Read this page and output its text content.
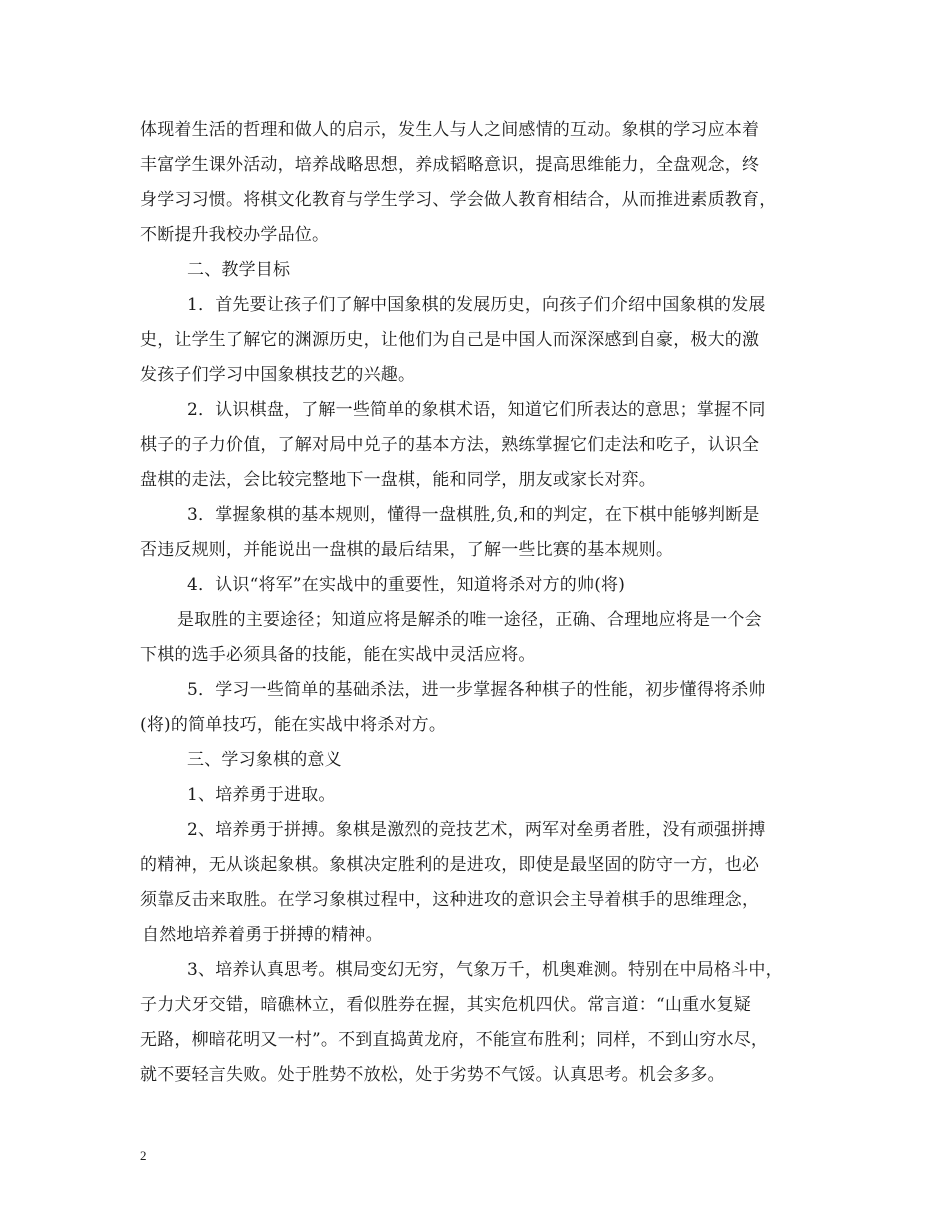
体现着生活的哲理和做人的启示，发生人与人之间感情的互动。象棋的学习应本着
丰富学生课外活动，培养战略思想，养成韬略意识，提高思维能力，全盘观念，终
身学习习惯。将棋文化教育与学生学习、学会做人教育相结合，从而推进素质教育，
不断提升我校办学品位。
二、教学目标
1．首先要让孩子们了解中国象棋的发展历史，向孩子们介绍中国象棋的发展
史，让学生了解它的渊源历史，让他们为自己是中国人而深深感到自豪，极大的激
发孩子们学习中国象棋技艺的兴趣。
2．认识棋盘，了解一些简单的象棋术语，知道它们所表达的意思；掌握不同
棋子的子力价值，了解对局中兑子的基本方法，熟练掌握它们走法和吃子，认识全
盘棋的走法，会比较完整地下一盘棋，能和同学，朋友或家长对弈。
3．掌握象棋的基本规则，懂得一盘棋胜,负,和的判定，在下棋中能够判断是
否违反规则，并能说出一盘棋的最后结果，了解一些比赛的基本规则。
4．认识“将军”在实战中的重要性，知道将杀对方的帅(将)
是取胜的主要途径；知道应将是解杀的唯一途径，正确、合理地应将是一个会
下棋的选手必须具备的技能，能在实战中灵活应将。
5．学习一些简单的基础杀法，进一步掌握各种棋子的性能，初步懂得将杀帅
(将)的简单技巧，能在实战中将杀对方。
三、学习象棋的意义
1、培养勇于进取。
2、培养勇于拼搏。象棋是激烈的竞技艺术，两军对垒勇者胜，没有顽强拼搏
的精神，无从谈起象棋。象棋决定胜利的是进攻，即使是最坚固的防守一方，也必
须靠反击来取胜。在学习象棋过程中，这种进攻的意识会主导着棋手的思维理念，
自然地培养着勇于拼搏的精神。
3、培养认真思考。棋局变幻无穷，气象万千，机奥难测。特别在中局格斗中，
子力犬牙交错，暗礁林立，看似胜券在握，其实危机四伏。常言道：“山重水复疑
无路，柳暗花明又一村”。不到直捣黄龙府，不能宣布胜利；同样，不到山穷水尽，
就不要轻言失败。处于胜势不放松，处于劣势不气馁。认真思考。机会多多。
2
